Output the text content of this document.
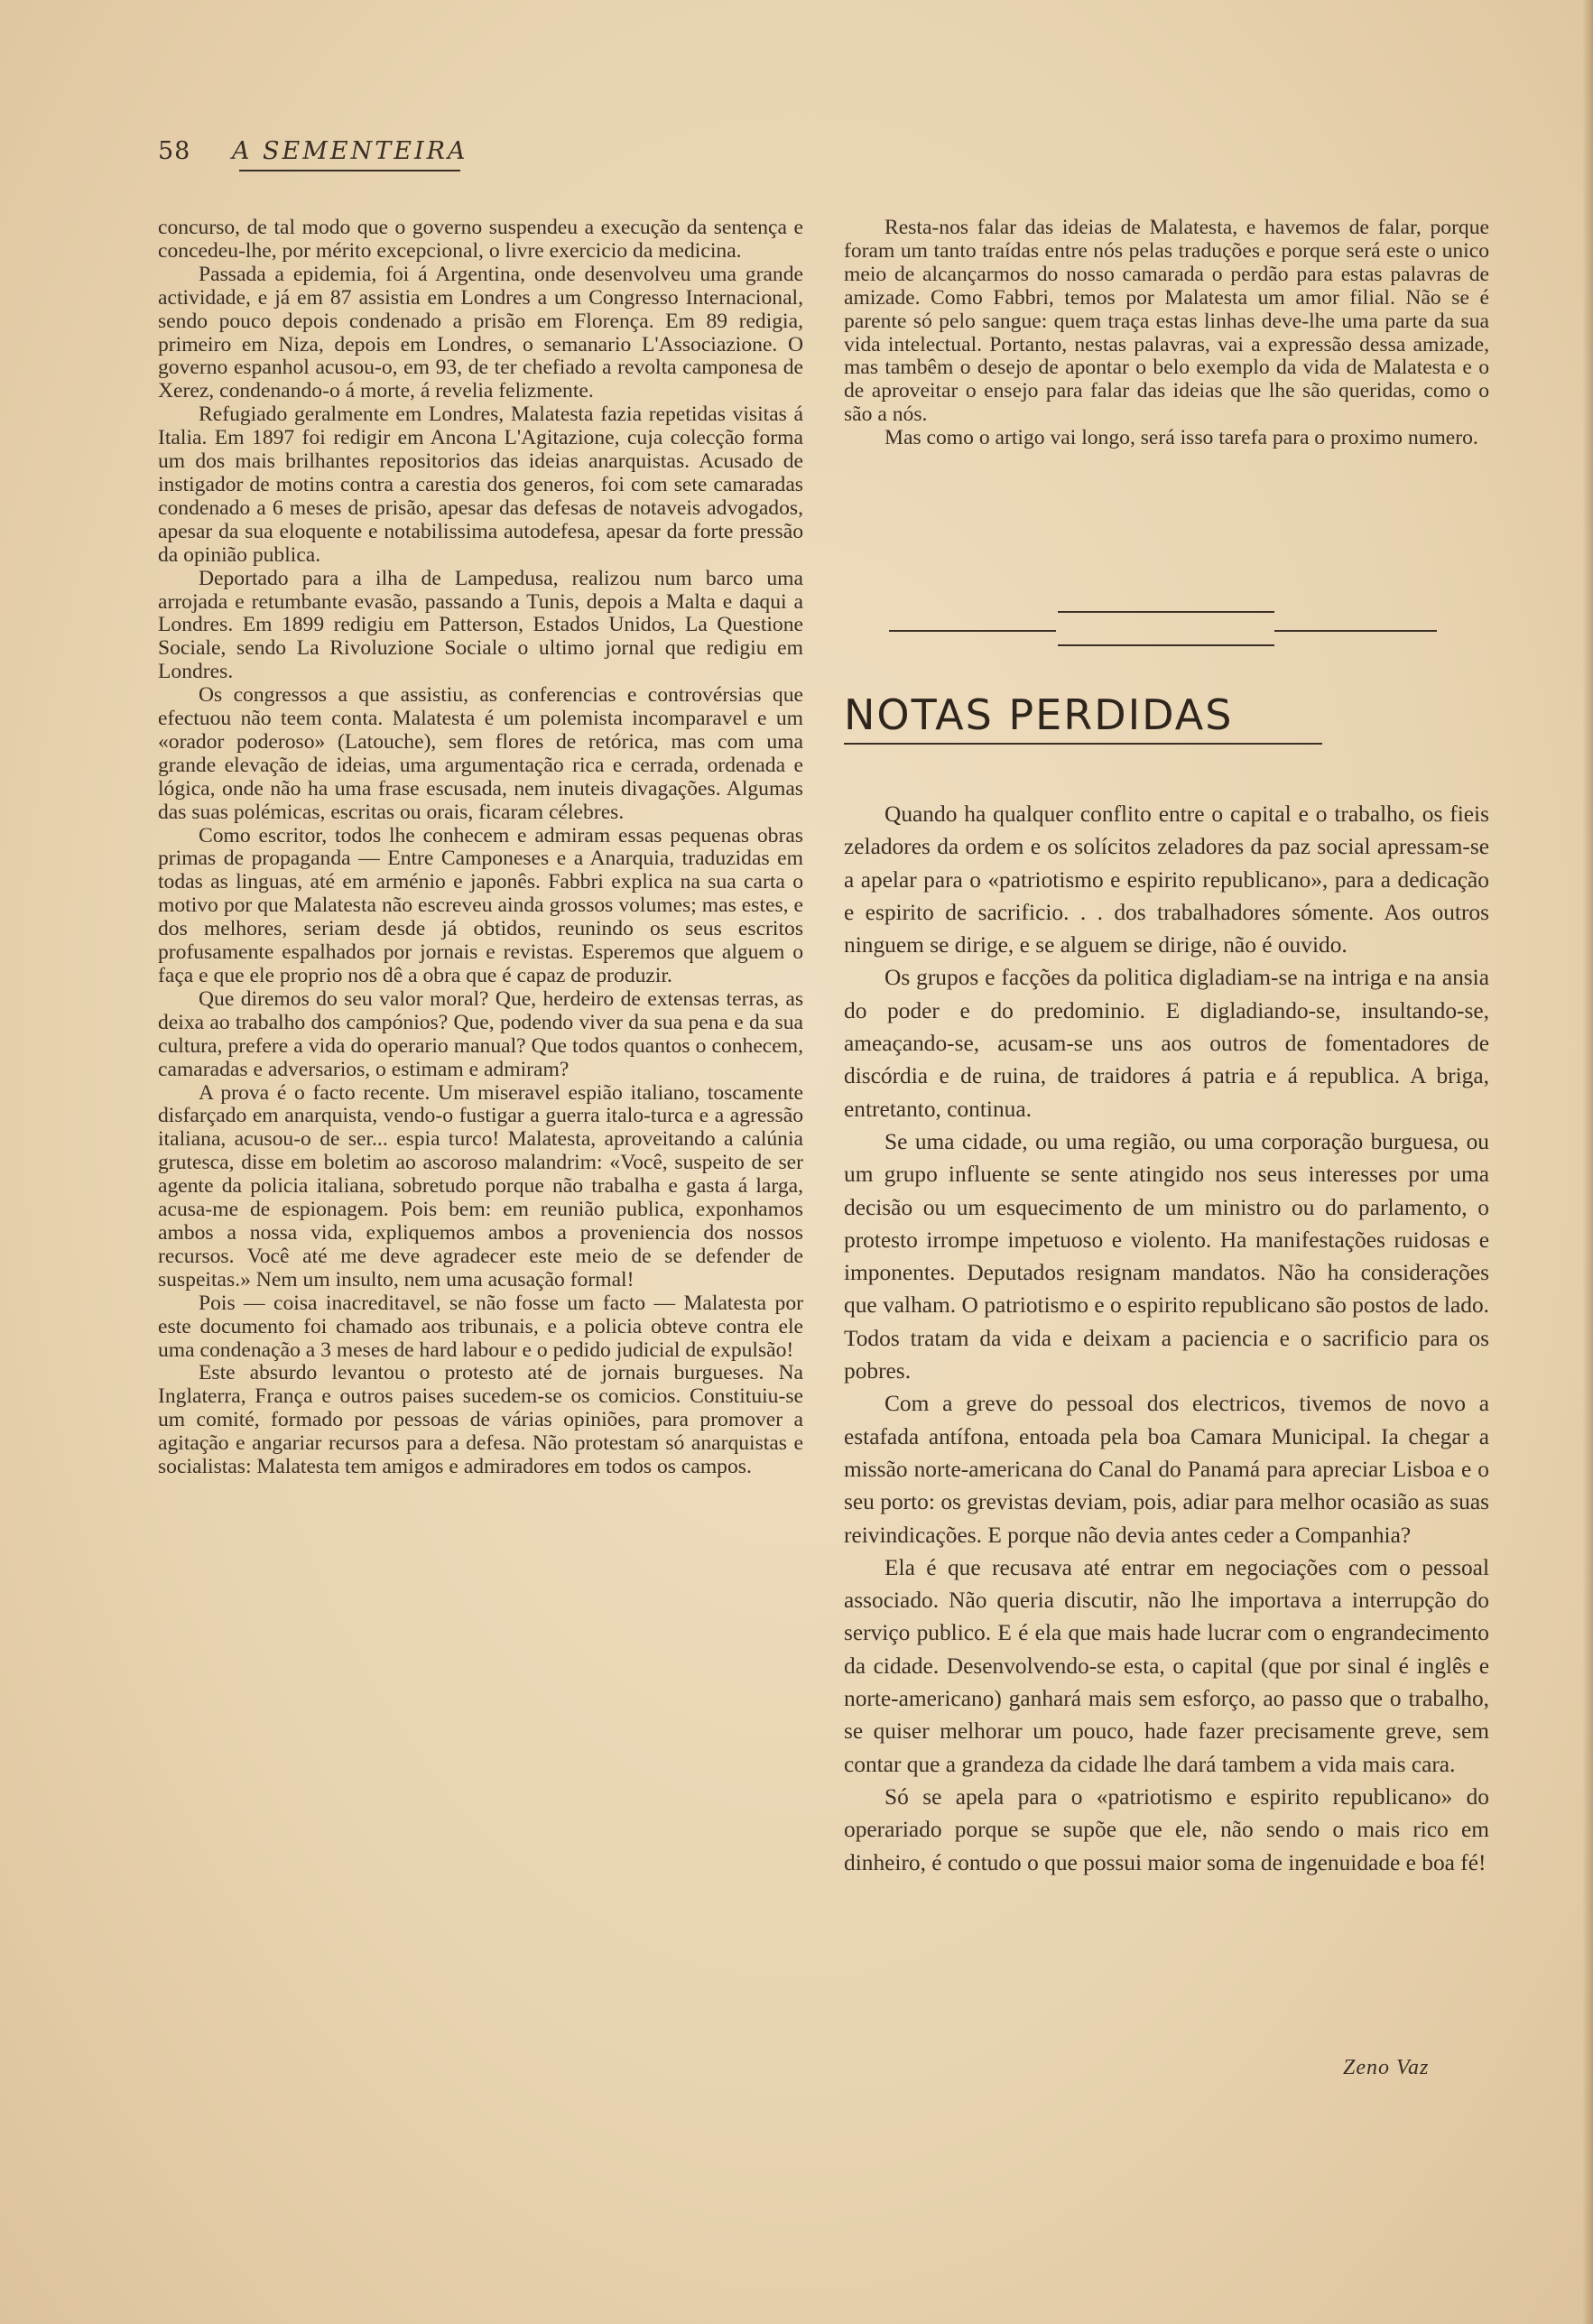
58 A SEMENTEIRA

concurso, de tal modo que o governo suspendeu a execução da sentença e concedeu-lhe, por mérito excepcional, o livre exercicio da medicina.

Passada a epidemia, foi á Argentina, onde desenvolveu uma grande actividade, e já em 87 assistia em Londres a um Congresso Internacional, sendo pouco depois condenado a prisão em Florença. Em 89 redigia, primeiro em Niza, depois em Londres, o semanario L'Associazione. O governo espanhol acusou-o, em 93, de ter chefiado a revolta camponesa de Xerez, condenando-o á morte, á revelia felizmente.

Refugiado geralmente em Londres, Malatesta fazia repetidas visitas á Italia. Em 1897 foi redigir em Ancona L'Agitazione, cuja colecção forma um dos mais brilhantes repositorios das ideias anarquistas. Acusado de instigador de motins contra a carestia dos generos, foi com sete camaradas condenado a 6 meses de prisão, apesar das defesas de notaveis advogados, apesar da sua eloquente e notabilissima autodefesa, apesar da forte pressão da opinião publica.

Deportado para a ilha de Lampedusa, realizou num barco uma arrojada e retumbante evasão, passando a Tunis, depois a Malta e daqui a Londres. Em 1899 redigiu em Patterson, Estados Unidos, La Questione Sociale, sendo La Rivoluzione Sociale o ultimo jornal que redigiu em Londres.

Os congressos a que assistiu, as conferencias e controvérsias que efectuou não teem conta. Malatesta é um polemista incomparavel e um «orador poderoso» (Latouche), sem flores de retórica, mas com uma grande elevação de ideias, uma argumentação rica e cerrada, ordenada e lógica, onde não ha uma frase escusada, nem inuteis divagações. Algumas das suas polémicas, escritas ou orais, ficaram célebres.

Como escritor, todos lhe conhecem e admiram essas pequenas obras primas de propaganda — Entre Camponeses e a Anarquia, traduzidas em todas as linguas, até em arménio e japonês. Fabbri explica na sua carta o motivo por que Malatesta não escreveu ainda grossos volumes; mas estes, e dos melhores, seriam desde já obtidos, reunindo os seus escritos profusamente espalhados por jornais e revistas. Esperemos que alguem o faça e que ele proprio nos dê a obra que é capaz de produzir.

Que diremos do seu valor moral? Que, herdeiro de extensas terras, as deixa ao trabalho dos campónios? Que, podendo viver da sua pena e da sua cultura, prefere a vida do operario manual? Que todos quantos o conhecem, camaradas e adversarios, o estimam e admiram?

A prova é o facto recente. Um miseravel espião italiano, toscamente disfarçado em anarquista, vendo-o fustigar a guerra italo-turca e a agressão italiana, acusou-o de ser... espia turco! Malatesta, aproveitando a calúnia grutesca, disse em boletim ao ascoroso malandrim: «Você, suspeito de ser agente da policia italiana, sobretudo porque não trabalha e gasta á larga, acusa-me de espionagem. Pois bem: em reunião publica, exponhamos ambos a nossa vida, expliquemos ambos a proveniencia dos nossos recursos. Você até me deve agradecer este meio de se defender de suspeitas.» Nem um insulto, nem uma acusação formal!

Pois — coisa inacreditavel, se não fosse um facto — Malatesta por este documento foi chamado aos tribunais, e a policia obteve contra ele uma condenação a 3 meses de hard labour e o pedido judicial de expulsão!

Este absurdo levantou o protesto até de jornais burgueses. Na Inglaterra, França e outros paises sucedem-se os comicios. Constituiu-se um comité, formado por pessoas de várias opiniões, para promover a agitação e angariar recursos para a defesa. Não protestam só anarquistas e socialistas: Malatesta tem amigos e admiradores em todos os campos.

Resta-nos falar das ideias de Malatesta, e havemos de falar, porque foram um tanto traídas entre nós pelas traduções e porque será este o unico meio de alcançarmos do nosso camarada o perdão para estas palavras de amizade. Como Fabbri, temos por Malatesta um amor filial. Não se é parente só pelo sangue: quem traça estas linhas deve-lhe uma parte da sua vida intelectual. Portanto, nestas palavras, vai a expressão dessa amizade, mas tambêm o desejo de apontar o belo exemplo da vida de Malatesta e o de aproveitar o ensejo para falar das ideias que lhe são queridas, como o são a nós.

Mas como o artigo vai longo, será isso tarefa para o proximo numero.

NOTAS PERDIDAS

Quando ha qualquer conflito entre o capital e o trabalho, os fieis zeladores da ordem e os solícitos zeladores da paz social apressam-se a apelar para o «patriotismo e espirito republicano», para a dedicação e espirito de sacrificio. . . dos trabalhadores sómente. Aos outros ninguem se dirige, e se alguem se dirige, não é ouvido.

Os grupos e facções da politica digladiam-se na intriga e na ansia do poder e do predominio. E digladiando-se, insultando-se, ameaçando-se, acusam-se uns aos outros de fomentadores de discórdia e de ruina, de traidores á patria e á republica. A briga, entretanto, continua.

Se uma cidade, ou uma região, ou uma corporação burguesa, ou um grupo influente se sente atingido nos seus interesses por uma decisão ou um esquecimento de um ministro ou do parlamento, o protesto irrompe impetuoso e violento. Ha manifestações ruidosas e imponentes. Deputados resignam mandatos. Não ha considerações que valham. O patriotismo e o espirito republicano são postos de lado. Todos tratam da vida e deixam a paciencia e o sacrificio para os pobres.

Com a greve do pessoal dos electricos, tivemos de novo a estafada antífona, entoada pela boa Camara Municipal. Ia chegar a missão norte-americana do Canal do Panamá para apreciar Lisboa e o seu porto: os grevistas deviam, pois, adiar para melhor ocasião as suas reivindicações. E porque não devia antes ceder a Companhia?

Ela é que recusava até entrar em negociações com o pessoal associado. Não queria discutir, não lhe importava a interrupção do serviço publico. E é ela que mais hade lucrar com o engrandecimento da cidade. Desenvolvendo-se esta, o capital (que por sinal é inglês e norte-americano) ganhará mais sem esforço, ao passo que o trabalho, se quiser melhorar um pouco, hade fazer precisamente greve, sem contar que a grandeza da cidade lhe dará tambem a vida mais cara.

Só se apela para o «patriotismo e espirito republicano» do operariado porque se supõe que ele, não sendo o mais rico em dinheiro, é contudo o que possui maior soma de ingenuidade e boa fé!

Zeno Vaz
